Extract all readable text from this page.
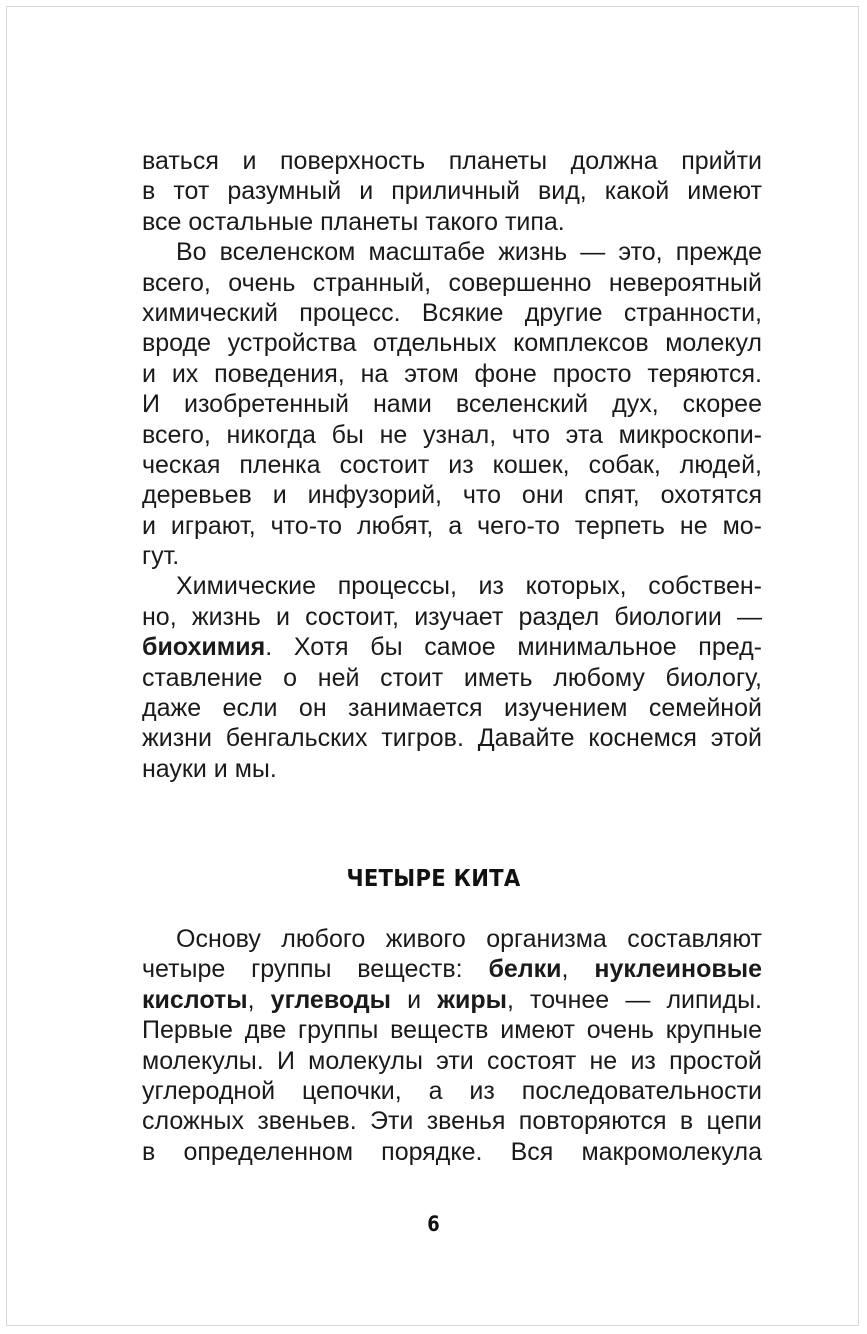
ваться и поверхность планеты должна прийти
в тот разумный и приличный вид, какой имеют
все остальные планеты такого типа.
Во вселенском масштабе жизнь — это, прежде
всего, очень странный, совершенно невероятный
химический процесс. Всякие другие странности,
вроде устройства отдельных комплексов молекул
и их поведения, на этом фоне просто теряются.
И изобретенный нами вселенский дух, скорее
всего, никогда бы не узнал, что эта микроскопи-
ческая пленка состоит из кошек, собак, людей,
деревьев и инфузорий, что они спят, охотятся
и играют, что-то любят, а чего-то терпеть не мо-
гут.
Химические процессы, из которых, собствен-
но, жизнь и состоит, изучает раздел биологии —
биохимия. Хотя бы самое минимальное пред-
ставление о ней стоит иметь любому биологу,
даже если он занимается изучением семейной
жизни бенгальских тигров. Давайте коснемся этой
науки и мы.
ЧЕТЫРЕ КИТА
Основу любого живого организма составляют
четыре группы веществ: белки, нуклеиновые
кислоты, углеводы и жиры, точнее — липиды.
Первые две группы веществ имеют очень крупные
молекулы. И молекулы эти состоят не из простой
углеродной цепочки, а из последовательности
сложных звеньев. Эти звенья повторяются в цепи
в определенном порядке. Вся макромолекула
6
